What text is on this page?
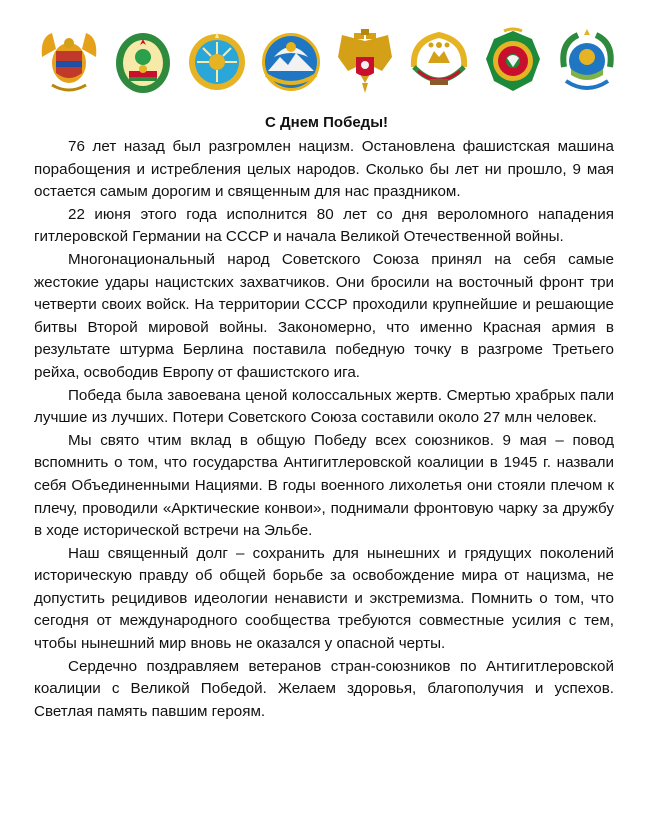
С Днем Победы!

76 лет назад был разгромлен нацизм. Остановлена фашистская машина порабощения и истребления целых народов. Сколько бы лет ни прошло, 9 мая остается самым дорогим и священным для нас праздником.

22 июня этого года исполнится 80 лет со дня вероломного нападения гитлеровской Германии на СССР и начала Великой Отечественной войны.

Многонациональный народ Советского Союза принял на себя самые жестокие удары нацистских захватчиков. Они бросили на восточный фронт три четверти своих войск. На территории СССР проходили крупнейшие и решающие битвы Второй мировой войны. Закономерно, что именно Красная армия в результате штурма Берлина поставила победную точку в разгроме Третьего рейха, освободив Европу от фашистского ига.

Победа была завоевана ценой колоссальных жертв. Смертью храбрых пали лучшие из лучших. Потери Советского Союза составили около 27 млн человек.

Мы свято чтим вклад в общую Победу всех союзников. 9 мая – повод вспомнить о том, что государства Антигитлеровской коалиции в 1945 г. назвали себя Объединенными Нациями. В годы военного лихолетья они стояли плечом к плечу, проводили «Арктические конвои», поднимали фронтовую чарку за дружбу в ходе исторической встречи на Эльбе.

Наш священный долг – сохранить для нынешних и грядущих поколений историческую правду об общей борьбе за освобождение мира от нацизма, не допустить рецидивов идеологии ненависти и экстремизма. Помнить о том, что сегодня от международного сообщества требуются совместные усилия с тем, чтобы нынешний мир вновь не оказался у опасной черты.

Сердечно поздравляем ветеранов стран-союзников по Антигитлеровской коалиции с Великой Победой. Желаем здоровья, благополучия и успехов. Светлая память павшим героям.
